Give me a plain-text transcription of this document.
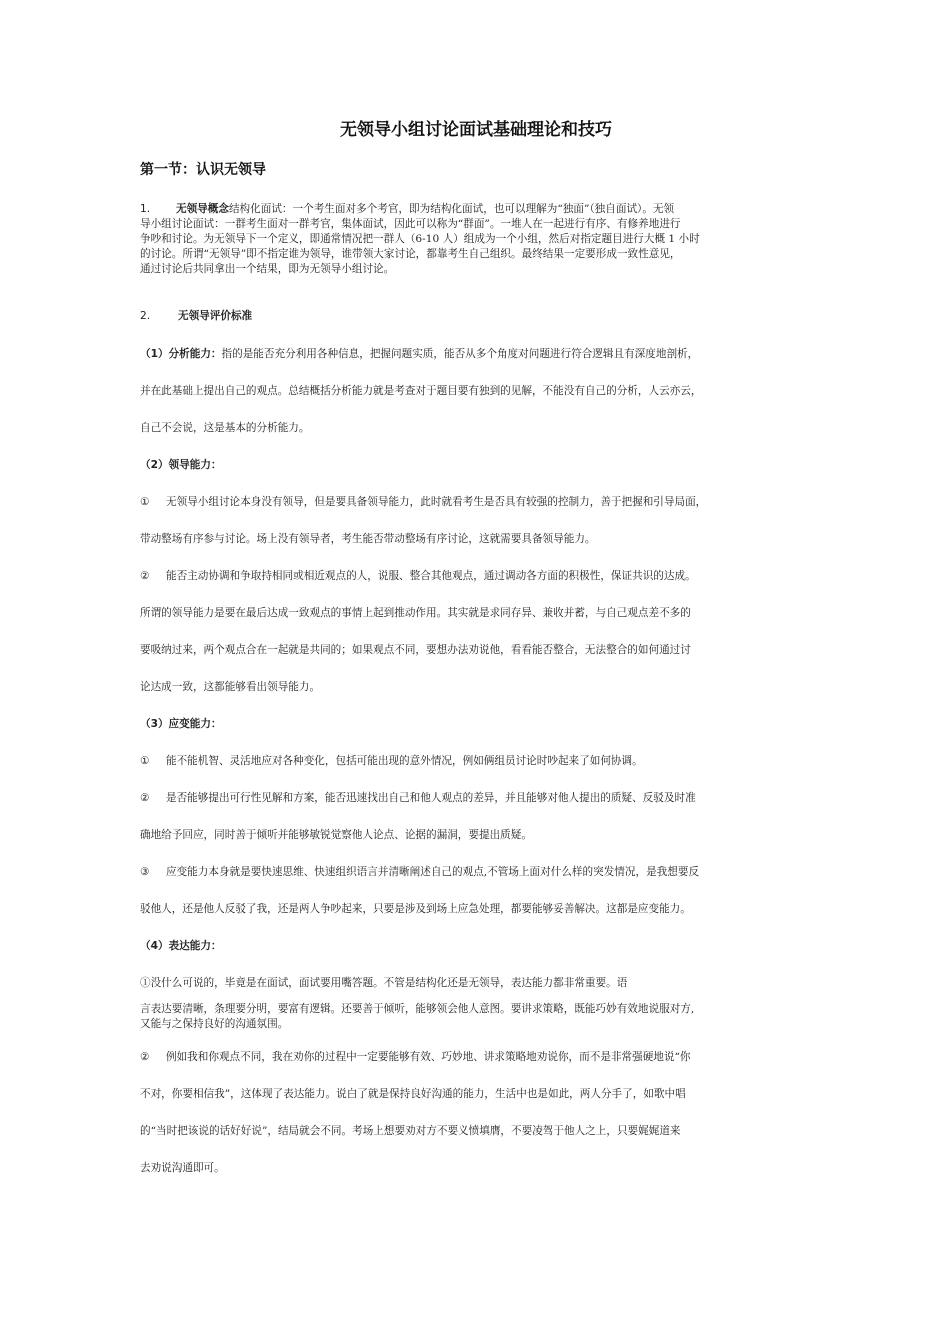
无领导小组讨论面试基础理论和技巧
第一节：认识无领导
1. 无领导概念结构化面试：一个考生面对多个考官，即为结构化面试，也可以理解为“独面”（独自面试）。无领
导小组讨论面试：一群考生面对一群考官，集体面试，因此可以称为“群面”。一堆人在一起进行有序、有修养地进行
争吵和讨论。为无领导下一个定义，即通常情况把一群人（6-10 人）组成为一个小组，然后对指定题目进行大概 1 小时
的讨论。所谓“无领导”即不指定谁为领导，谁带领大家讨论，都靠考生自己组织。最终结果一定要形成一致性意见，
通过讨论后共同拿出一个结果，即为无领导小组讨论。
2.	无领导评价标准
（1）分析能力：指的是能否充分利用各种信息，把握问题实质，能否从多个角度对问题进行符合逻辑且有深度地剖析，
并在此基础上提出自己的观点。总结概括分析能力就是考查对于题目要有独到的见解，不能没有自己的分析，人云亦云，
自己不会说，这是基本的分析能力。
（2）领导能力：
① 无领导小组讨论本身没有领导，但是要具备领导能力，此时就看考生是否具有较强的控制力，善于把握和引导局面，
带动整场有序参与讨论。场上没有领导者，考生能否带动整场有序讨论，这就需要具备领导能力。
② 能否主动协调和争取持相同或相近观点的人，说服、整合其他观点，通过调动各方面的积极性，保证共识的达成。
所谓的领导能力是要在最后达成一致观点的事情上起到推动作用。其实就是求同存异、兼收并蓄，与自己观点差不多的
要吸纳过来，两个观点合在一起就是共同的；如果观点不同，要想办法劝说他，看看能否整合，无法整合的如何通过讨
论达成一致，这都能够看出领导能力。
（3）应变能力：
① 能不能机智、灵活地应对各种变化，包括可能出现的意外情况，例如俩组员讨论时吵起来了如何协调。
② 是否能够提出可行性见解和方案，能否迅速找出自己和他人观点的差异，并且能够对他人提出的质疑、反驳及时准
确地给予回应，同时善于倾听并能够敏锐觉察他人论点、论据的漏洞，要提出质疑。
③ 应变能力本身就是要快速思维、快速组织语言并清晰阐述自己的观点,不管场上面对什么样的突发情况，是我想要反
驳他人，还是他人反驳了我，还是两人争吵起来，只要是涉及到场上应急处理，都要能够妥善解决。这都是应变能力。
（4）表达能力：
①没什么可说的，毕竟是在面试，面试要用嘴答题。不管是结构化还是无领导，表达能力都非常重要。语
言表达要清晰，条理要分明，要富有逻辑。还要善于倾听，能够领会他人意图。要讲求策略，既能巧妙有效地说服对方,
又能与之保持良好的沟通氛围。
② 例如我和你观点不同，我在劝你的过程中一定要能够有效、巧妙地、讲求策略地劝说你，而不是非常强硬地说“你
不对，你要相信我”，这体现了表达能力。说白了就是保持良好沟通的能力，生活中也是如此，两人分手了，如歌中唱
的“当时把该说的话好好说”，结局就会不同。考场上想要劝对方不要义愤填膺，不要凌驾于他人之上，只要娓娓道来
去劝说沟通即可。
